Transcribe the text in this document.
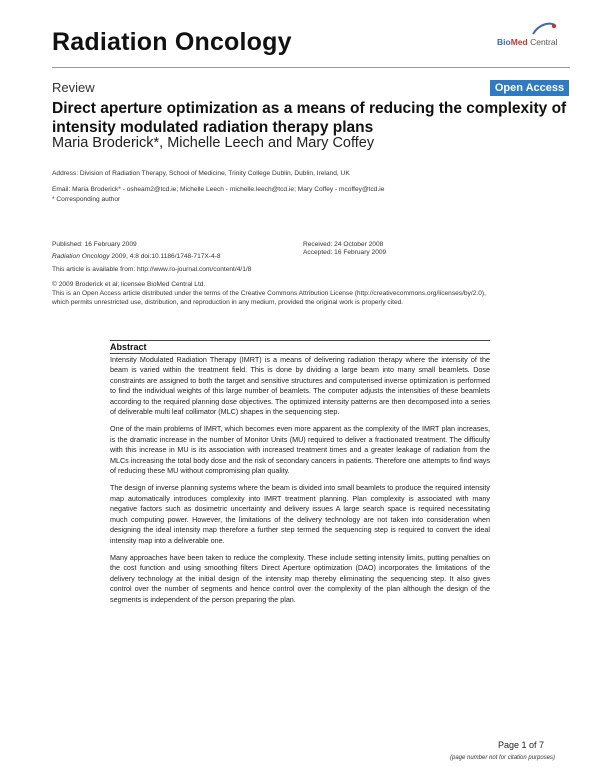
Radiation Oncology	BioMed Central
Review	Open Access
Direct aperture optimization as a means of reducing the complexity of intensity modulated radiation therapy plans
Maria Broderick*, Michelle Leech and Mary Coffey
Address: Division of Radiation Therapy, School of Medicine, Trinity College Dublin, Dublin, Ireland, UK
Email: Maria Broderick* - osheam2@tcd.ie; Michelle Leech - michelle.leech@tcd.ie; Mary Coffey - mcoffey@tcd.ie
* Corresponding author
Published: 16 February 2009
Radiation Oncology 2009, 4:8 doi:10.1186/1748-717X-4-8
Received: 24 October 2008
Accepted: 16 February 2009
This article is available from: http://www.ro-journal.com/content/4/1/8
© 2009 Broderick et al; licensee BioMed Central Ltd.
This is an Open Access article distributed under the terms of the Creative Commons Attribution License (http://creativecommons.org/licenses/by/2.0),
which permits unrestricted use, distribution, and reproduction in any medium, provided the original work is properly cited.
Abstract

Intensity Modulated Radiation Therapy (IMRT) is a means of delivering radiation therapy where the intensity of the beam is varied within the treatment field. This is done by dividing a large beam into many small beamlets. Dose constraints are assigned to both the target and sensitive structures and computerised inverse optimization is performed to find the individual weights of this large number of beamlets. The computer adjusts the intensities of these beamlets according to the required planning dose objectives. The optimized intensity patterns are then decomposed into a series of deliverable multi leaf collimator (MLC) shapes in the sequencing step.

One of the main problems of IMRT, which becomes even more apparent as the complexity of the IMRT plan increases, is the dramatic increase in the number of Monitor Units (MU) required to deliver a fractionated treatment. The difficulty with this increase in MU is its association with increased treatment times and a greater leakage of radiation from the MLCs increasing the total body dose and the risk of secondary cancers in patients. Therefore one attempts to find ways of reducing these MU without compromising plan quality.

The design of inverse planning systems where the beam is divided into small beamlets to produce the required intensity map automatically introduces complexity into IMRT treatment planning. Plan complexity is associated with many negative factors such as dosimetric uncertainty and delivery issues A large search space is required necessitating much computing power. However, the limitations of the delivery technology are not taken into consideration when designing the ideal intensity map therefore a further step termed the sequencing step is required to convert the ideal intensity map into a deliverable one.

Many approaches have been taken to reduce the complexity. These include setting intensity limits, putting penalties on the cost function and using smoothing filters Direct Aperture optimization (DAO) incorporates the limitations of the delivery technology at the initial design of the intensity map thereby eliminating the sequencing step. It also gives control over the number of segments and hence control over the complexity of the plan although the design of the segments is independent of the person preparing the plan.

Page 1 of 7
(page number not for citation purposes)
